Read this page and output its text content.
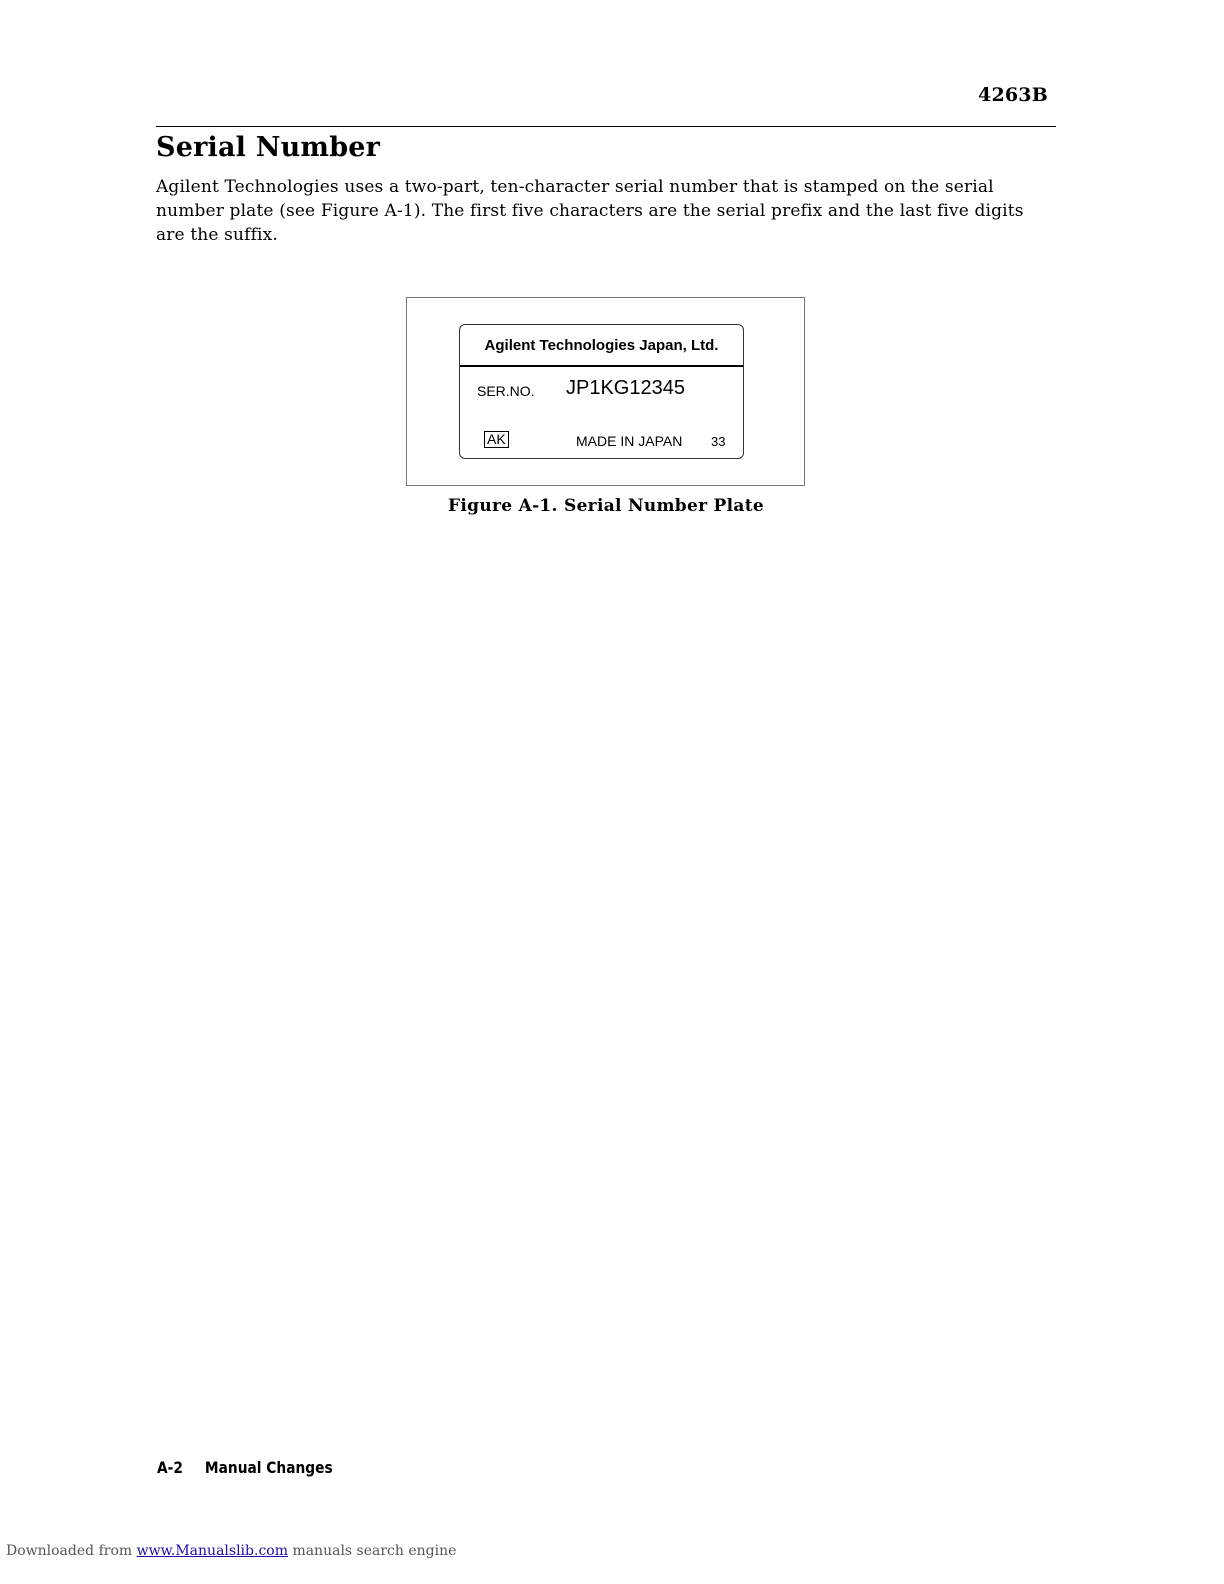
4263B
Serial Number

Agilent Technologies uses a two-part, ten-character serial number that is stamped on the serial number plate (see Figure A-1). The first five characters are the serial prefix and the last five digits are the suffix.

Agilent Technologies Japan, Ltd.
SER.NO. JP1KG12345
AK	MADE IN JAPAN 33
Figure A-1. Serial Number Plate
A-2 Manual Changes
Downloaded from www.Manualslib.com manuals search engine
